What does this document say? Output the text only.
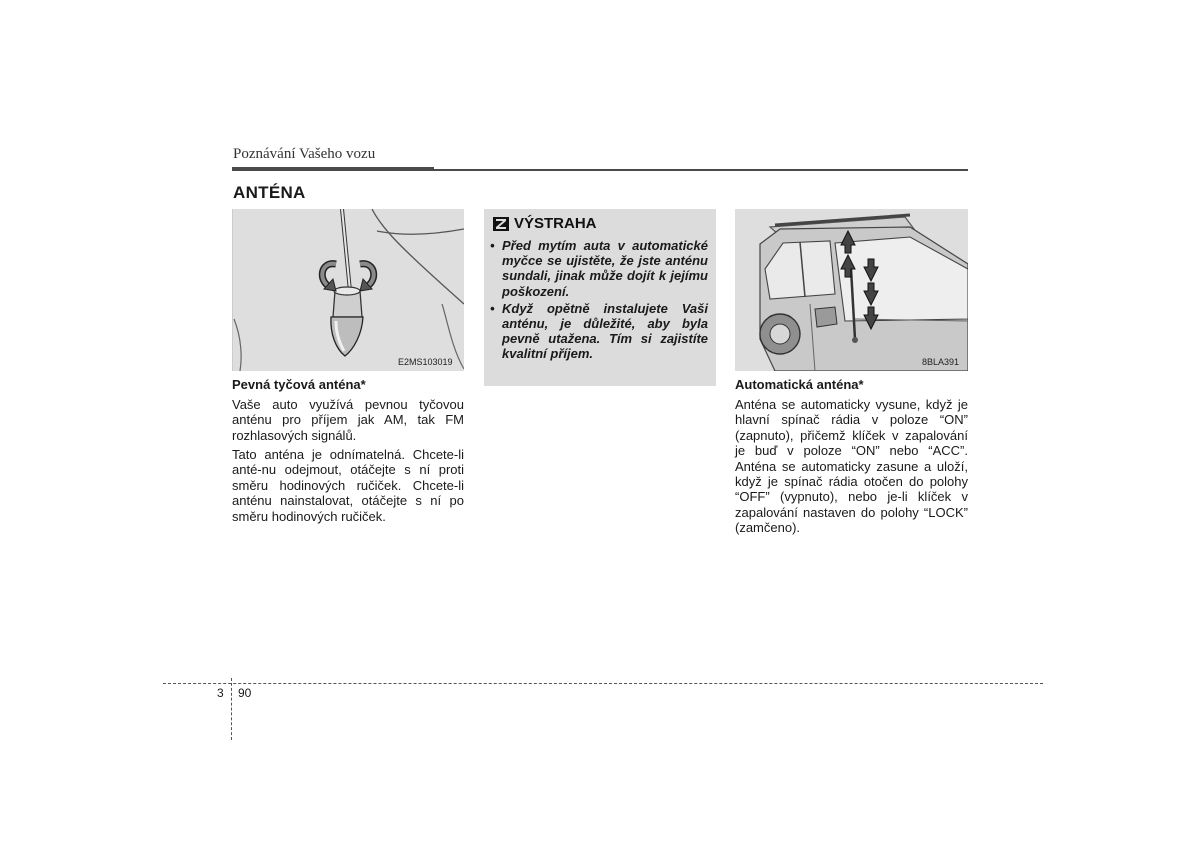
Poznávání Vašeho vozu
ANTÉNA
E2MS103019
Pevná tyčová anténa*
Vaše auto využívá pevnou tyčovou anténu pro příjem jak AM, tak FM rozhlasových signálů.
Tato anténa je odnímatelná. Chcete-li anté-nu odejmout, otáčejte s ní proti směru hodinových ručiček. Chcete-li anténu nainstalovat, otáčejte s ní po směru hodinových ručiček.
VÝSTRAHA
• Před mytím auta v automatické myčce se ujistěte, že jste anténu sundali, jinak může dojít k jejímu poškození.
• Když opětně instalujete Vaši anténu, je důležité, aby byla pevně utažena. Tím si zajistíte kvalitní příjem.
8BLA391
Automatická anténa*
Anténa se automaticky vysune, když je hlavní spínač rádia v poloze “ON” (zapnuto), přičemž klíček v zapalování je buď v poloze “ON” nebo “ACC”. Anténa se automaticky zasune a uloží, když je spínač rádia otočen do polohy “OFF” (vypnuto), nebo je-li klíček v zapalování nastaven do polohy “LOCK” (zamčeno).
3 90
